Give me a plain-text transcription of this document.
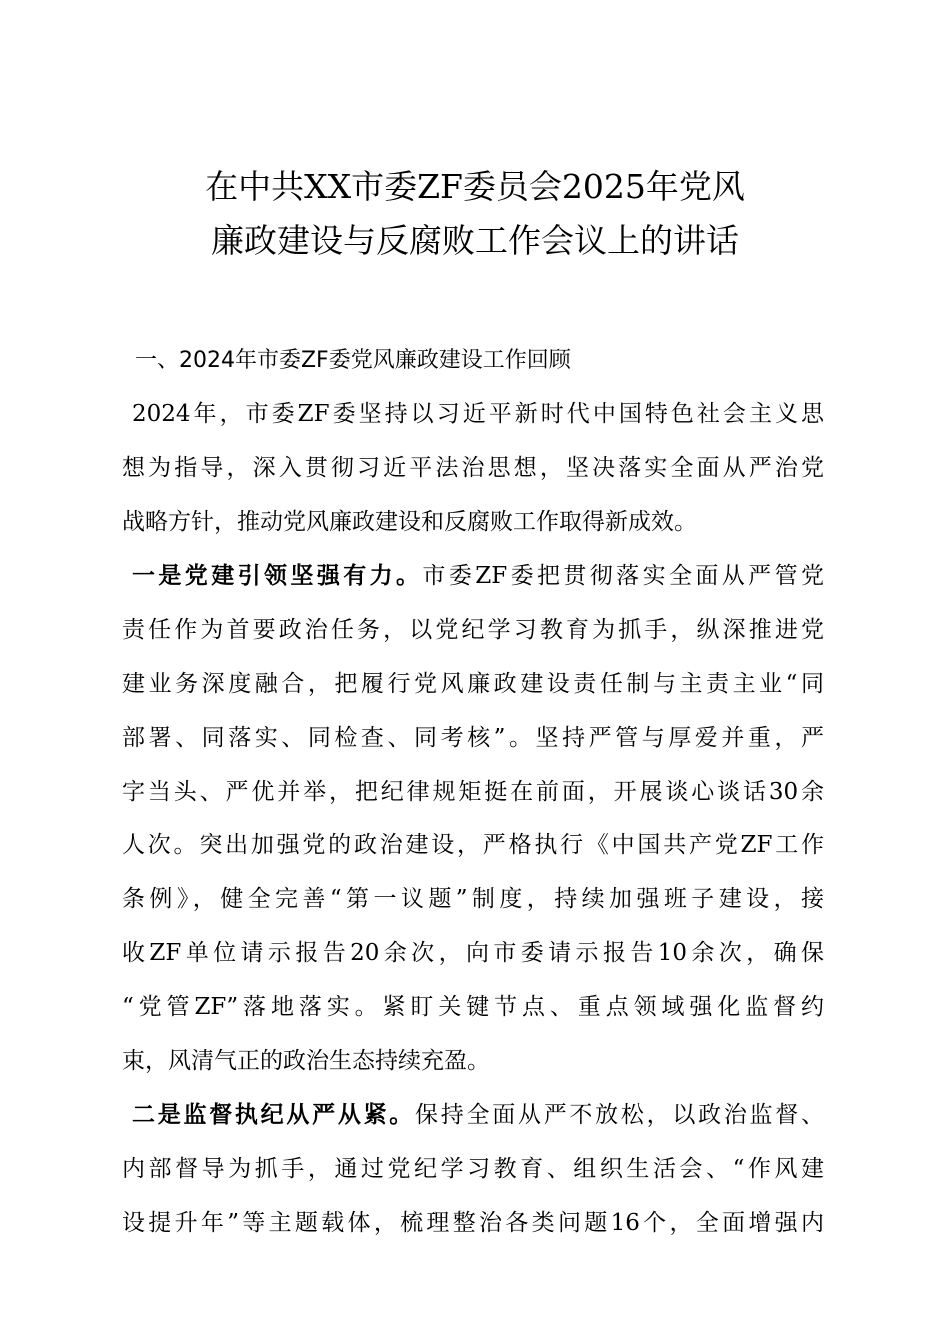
在中共XX市委ZF委员会2025年党风
廉政建设与反腐败工作会议上的讲话
一、2024年市委ZF委党风廉政建设工作回顾

2024年，市委ZF委坚持以习近平新时代中国特色社会主义思
想为指导，深入贯彻习近平法治思想，坚决落实全面从严治党
战略方针，推动党风廉政建设和反腐败工作取得新成效。

一是党建引领坚强有力。市委ZF委把贯彻落实全面从严管党
责任作为首要政治任务，以党纪学习教育为抓手，纵深推进党
建业务深度融合，把履行党风廉政建设责任制与主责主业“同
部署、同落实、同检查、同考核”。坚持严管与厚爱并重，严
字当头、严优并举，把纪律规矩挺在前面，开展谈心谈话30余
人次。突出加强党的政治建设，严格执行《中国共产党ZF工作
条例》，健全完善“第一议题”制度，持续加强班子建设，接
收ZF单位请示报告20余次，向市委请示报告10余次，确保
“党管ZF”落地落实。紧盯关键节点、重点领域强化监督约
束，风清气正的政治生态持续充盈。

二是监督执纪从严从紧。保持全面从严不放松，以政治监督、
内部督导为抓手，通过党纪学习教育、组织生活会、“作风建
设提升年”等主题载体，梳理整治各类问题16个，全面增强内
